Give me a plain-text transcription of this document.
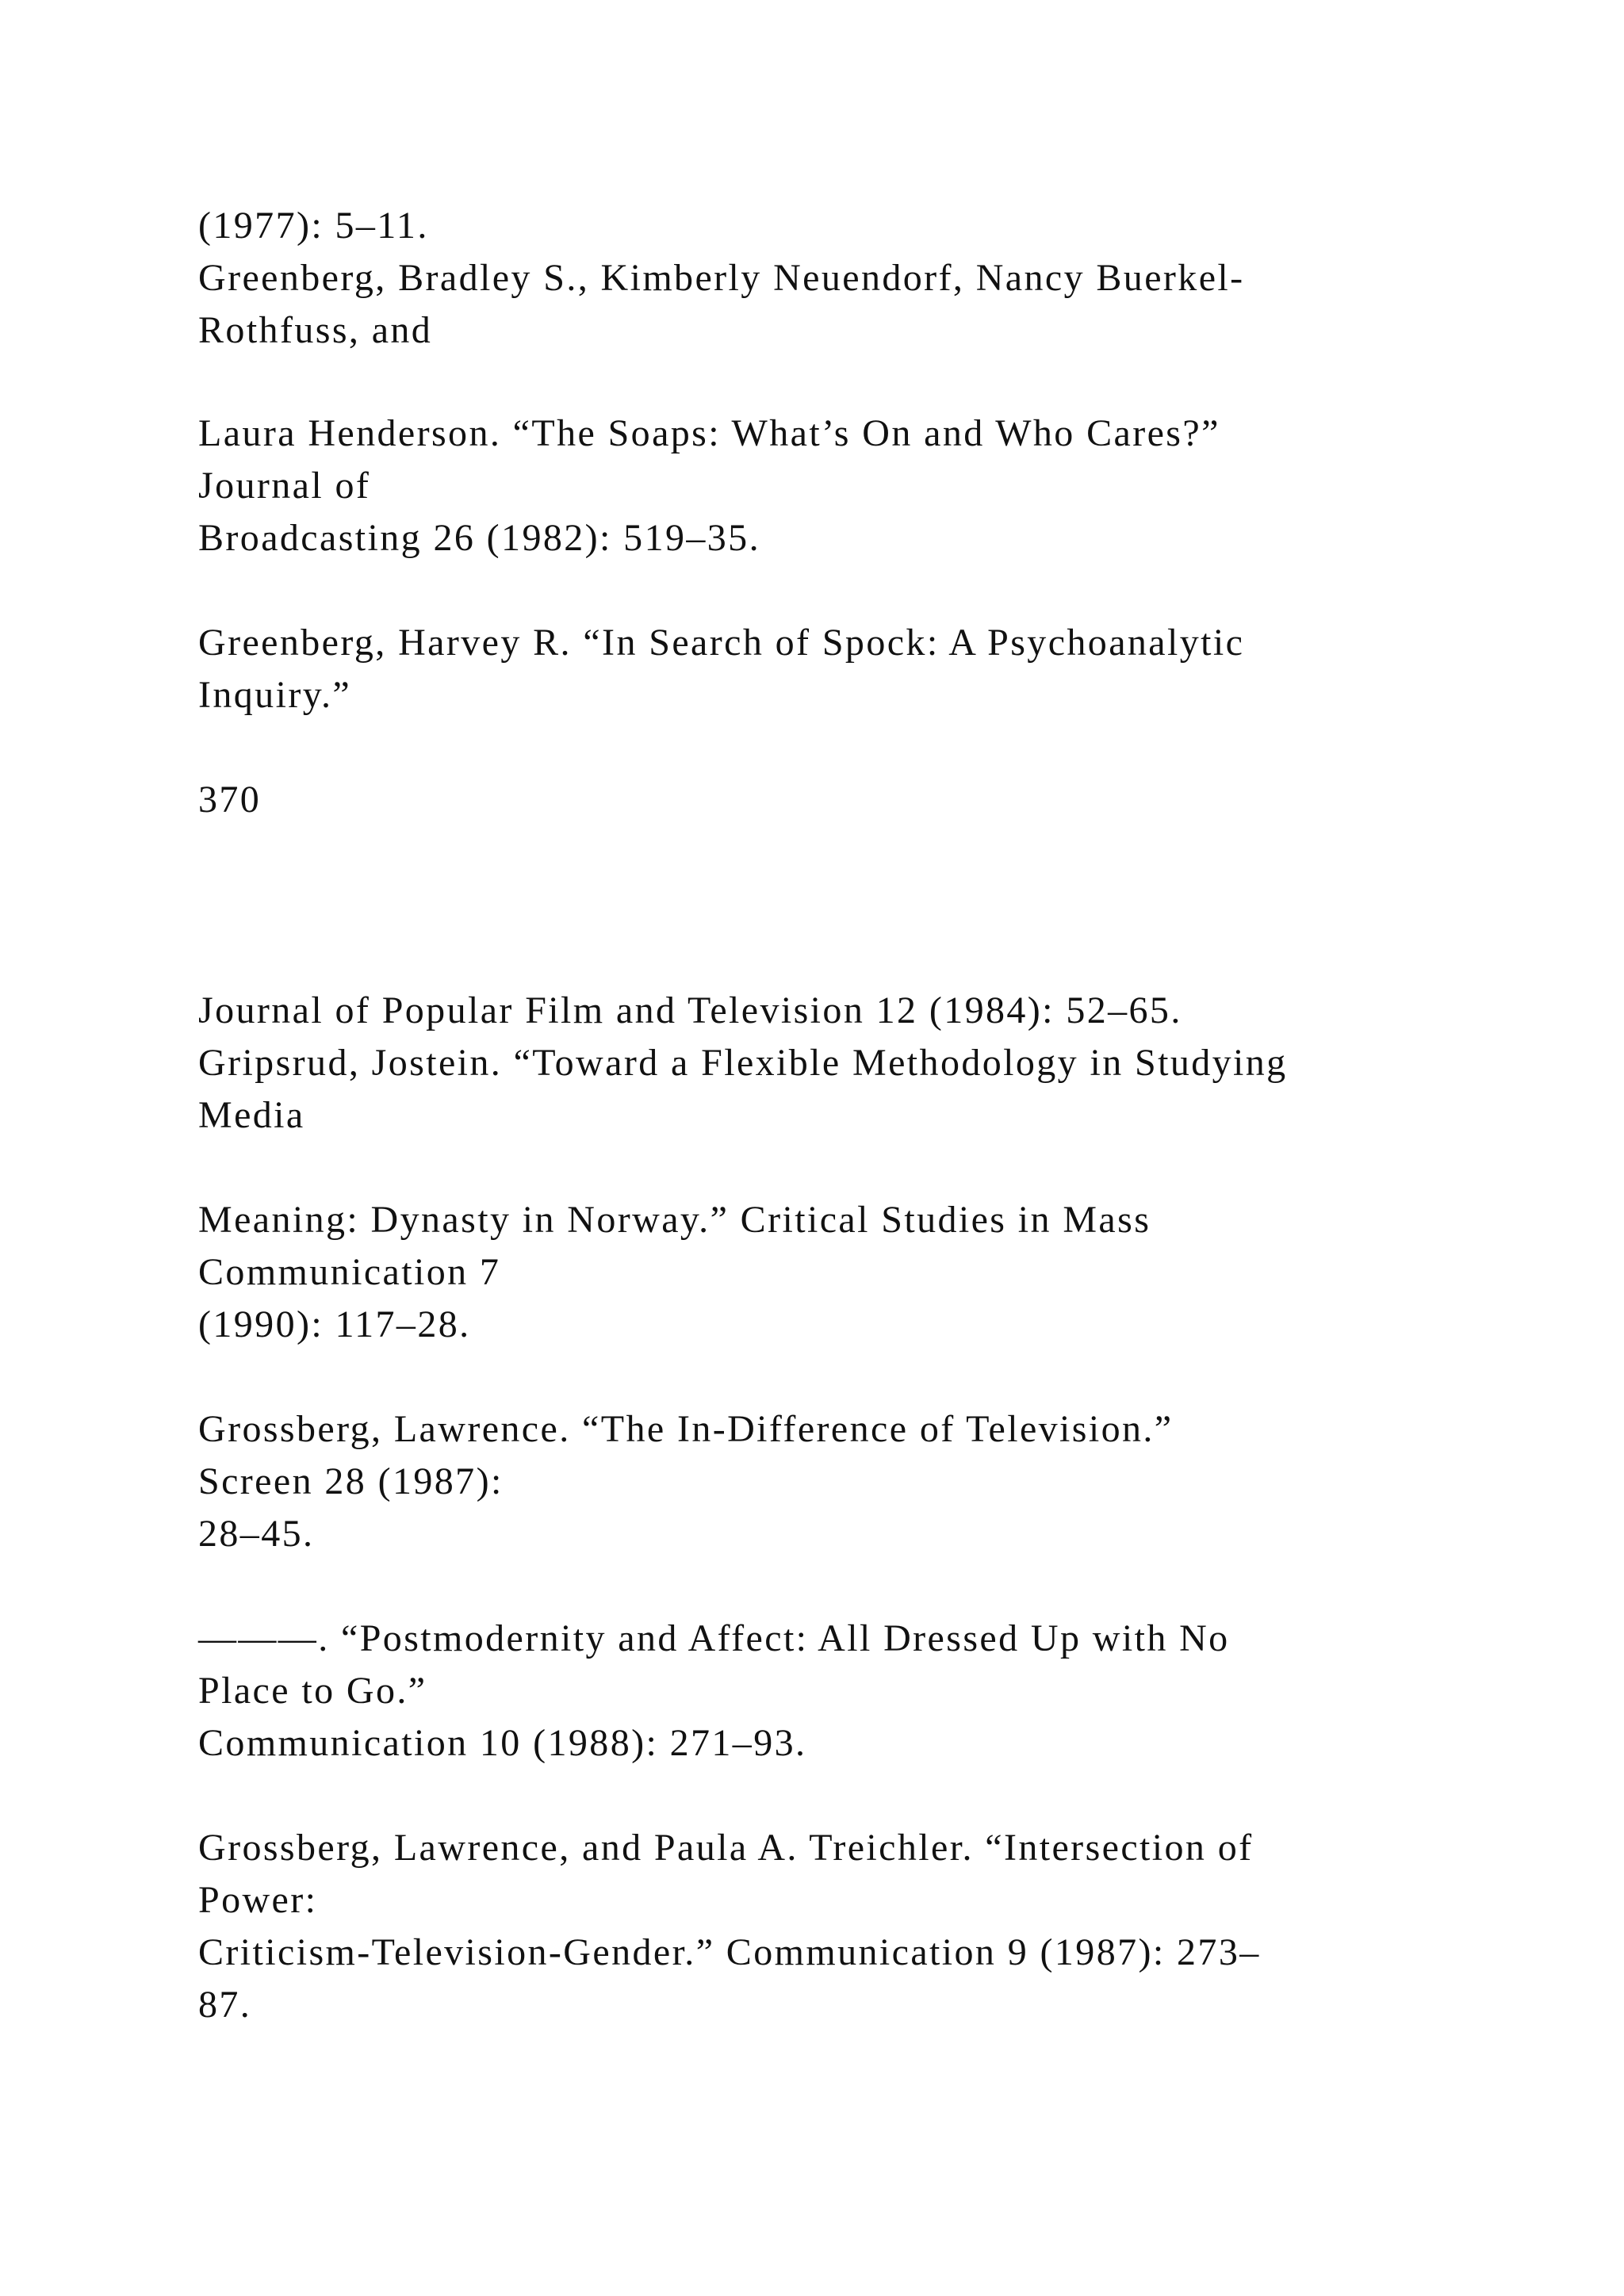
(1977): 5–11.
Greenberg, Bradley S., Kimberly Neuendorf, Nancy Buerkel-
Rothfuss, and
Laura Henderson. “The Soaps: What’s On and Who Cares?”
Journal of
Broadcasting 26 (1982): 519–35.
Greenberg, Harvey R. “In Search of Spock: A Psychoanalytic
Inquiry.”
370
Journal of Popular Film and Television 12 (1984): 52–65.
Gripsrud, Jostein. “Toward a Flexible Methodology in Studying
Media
Meaning: Dynasty in Norway.” Critical Studies in Mass
Communication 7
(1990): 117–28.
Grossberg, Lawrence. “The In-Difference of Television.”
Screen 28 (1987):
28–45.
———. “Postmodernity and Affect: All Dressed Up with No
Place to Go.”
Communication 10 (1988): 271–93.
Grossberg, Lawrence, and Paula A. Treichler. “Intersection of
Power:
Criticism-Television-Gender.” Communication 9 (1987): 273–
87.
